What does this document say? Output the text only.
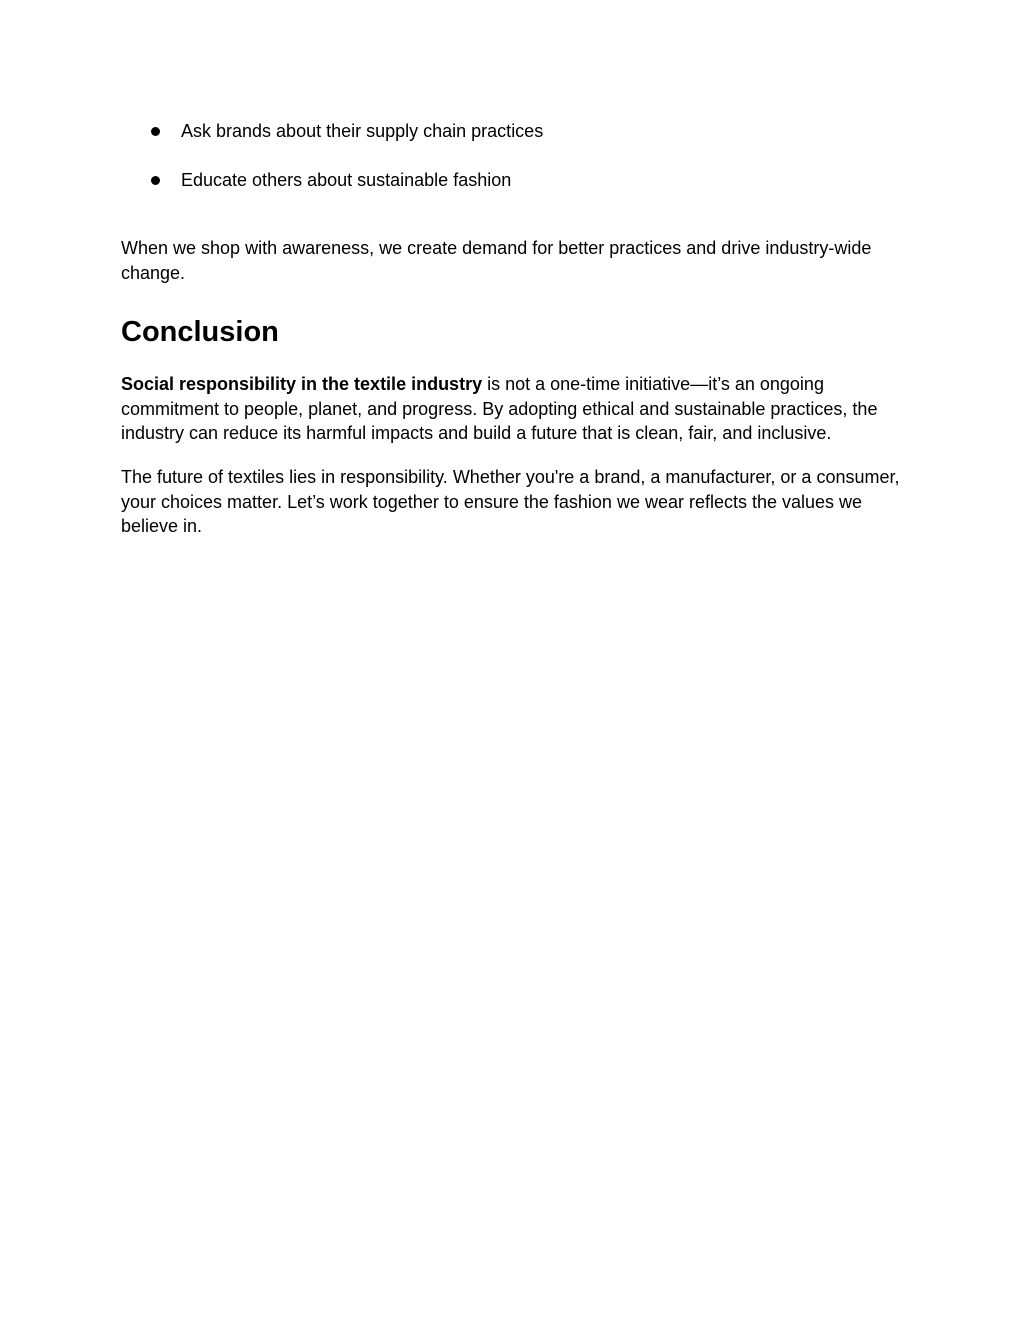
Ask brands about their supply chain practices
Educate others about sustainable fashion

When we shop with awareness, we create demand for better practices and drive industry-wide change.

Conclusion

Social responsibility in the textile industry is not a one-time initiative—it’s an ongoing commitment to people, planet, and progress. By adopting ethical and sustainable practices, the industry can reduce its harmful impacts and build a future that is clean, fair, and inclusive.

The future of textiles lies in responsibility. Whether you're a brand, a manufacturer, or a consumer, your choices matter. Let’s work together to ensure the fashion we wear reflects the values we believe in.
